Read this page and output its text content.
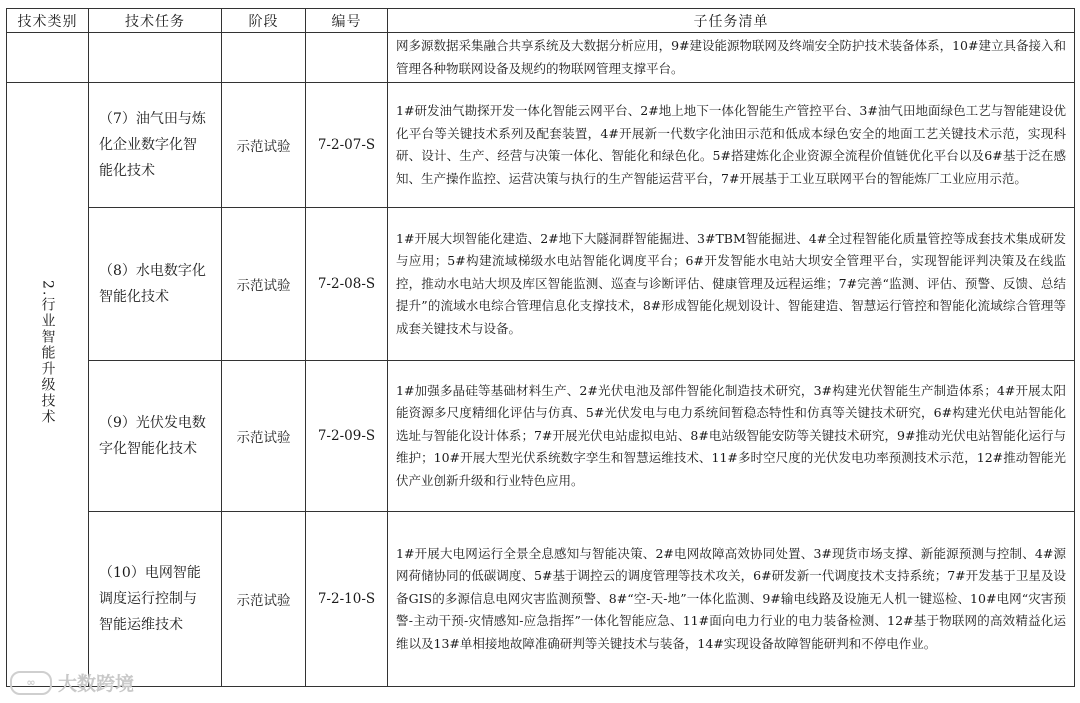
技术类别	技术任务	阶段	编号	子任务清单
				网多源数据采集融合共享系统及大数据分析应用，9#建设能源物联网及终端安全防护技术装备体系，10#建立具备接入和管理各种物联网设备及规约的物联网管理支撑平台。
2.行业智能升级技术	（7）油气田与炼化企业数字化智能化技术	示范试验	7-2-07-S	1#研发油气勘探开发一体化智能云网平台、2#地上地下一体化智能生产管控平台、3#油气田地面绿色工艺与智能建设优化平台等关键技术系列及配套装置，4#开展新一代数字化油田示范和低成本绿色安全的地面工艺关键技术示范，实现科研、设计、生产、经营与决策一体化、智能化和绿色化。5#搭建炼化企业资源全流程价值链优化平台以及6#基于泛在感知、生产操作监控、运营决策与执行的生产智能运营平台，7#开展基于工业互联网平台的智能炼厂工业应用示范。
	（8）水电数字化智能化技术	示范试验	7-2-08-S	1#开展大坝智能化建造、2#地下大隧洞群智能掘进、3#TBM智能掘进、4#全过程智能化质量管控等成套技术集成研发与应用；5#构建流域梯级水电站智能化调度平台；6#开发智能水电站大坝安全管理平台，实现智能评判决策及在线监控，推动水电站大坝及库区智能监测、巡查与诊断评估、健康管理及远程运维；7#完善“监测、评估、预警、反馈、总结提升”的流域水电综合管理信息化支撑技术，8#形成智能化规划设计、智能建造、智慧运行管控和智能化流域综合管理等成套关键技术与设备。
	（9）光伏发电数字化智能化技术	示范试验	7-2-09-S	1#加强多晶硅等基础材料生产、2#光伏电池及部件智能化制造技术研究，3#构建光伏智能生产制造体系；4#开展太阳能资源多尺度精细化评估与仿真、5#光伏发电与电力系统间暂稳态特性和仿真等关键技术研究，6#构建光伏电站智能化选址与智能化设计体系；7#开展光伏电站虚拟电站、8#电站级智能安防等关键技术研究，9#推动光伏电站智能化运行与维护；10#开展大型光伏系统数字孪生和智慧运维技术、11#多时空尺度的光伏发电功率预测技术示范，12#推动智能光伏产业创新升级和行业特色应用。
	（10）电网智能调度运行控制与智能运维技术	示范试验	7-2-10-S	1#开展大电网运行全景全息感知与智能决策、2#电网故障高效协同处置、3#现货市场支撑、新能源预测与控制、4#源网荷储协同的低碳调度、5#基于调控云的调度管理等技术攻关，6#研发新一代调度技术支持系统；7#开发基于卫星及设备GIS的多源信息电网灾害监测预警、8#“空-天-地”一体化监测、9#输电线路及设施无人机一键巡检、10#电网“灾害预警-主动干预-灾情感知-应急指挥”一体化智能应急、11#面向电力行业的电力装备检测、12#基于物联网的高效精益化运维以及13#单相接地故障准确研判等关键技术与装备，14#实现设备故障智能研判和不停电作业。
∞	大数跨境
